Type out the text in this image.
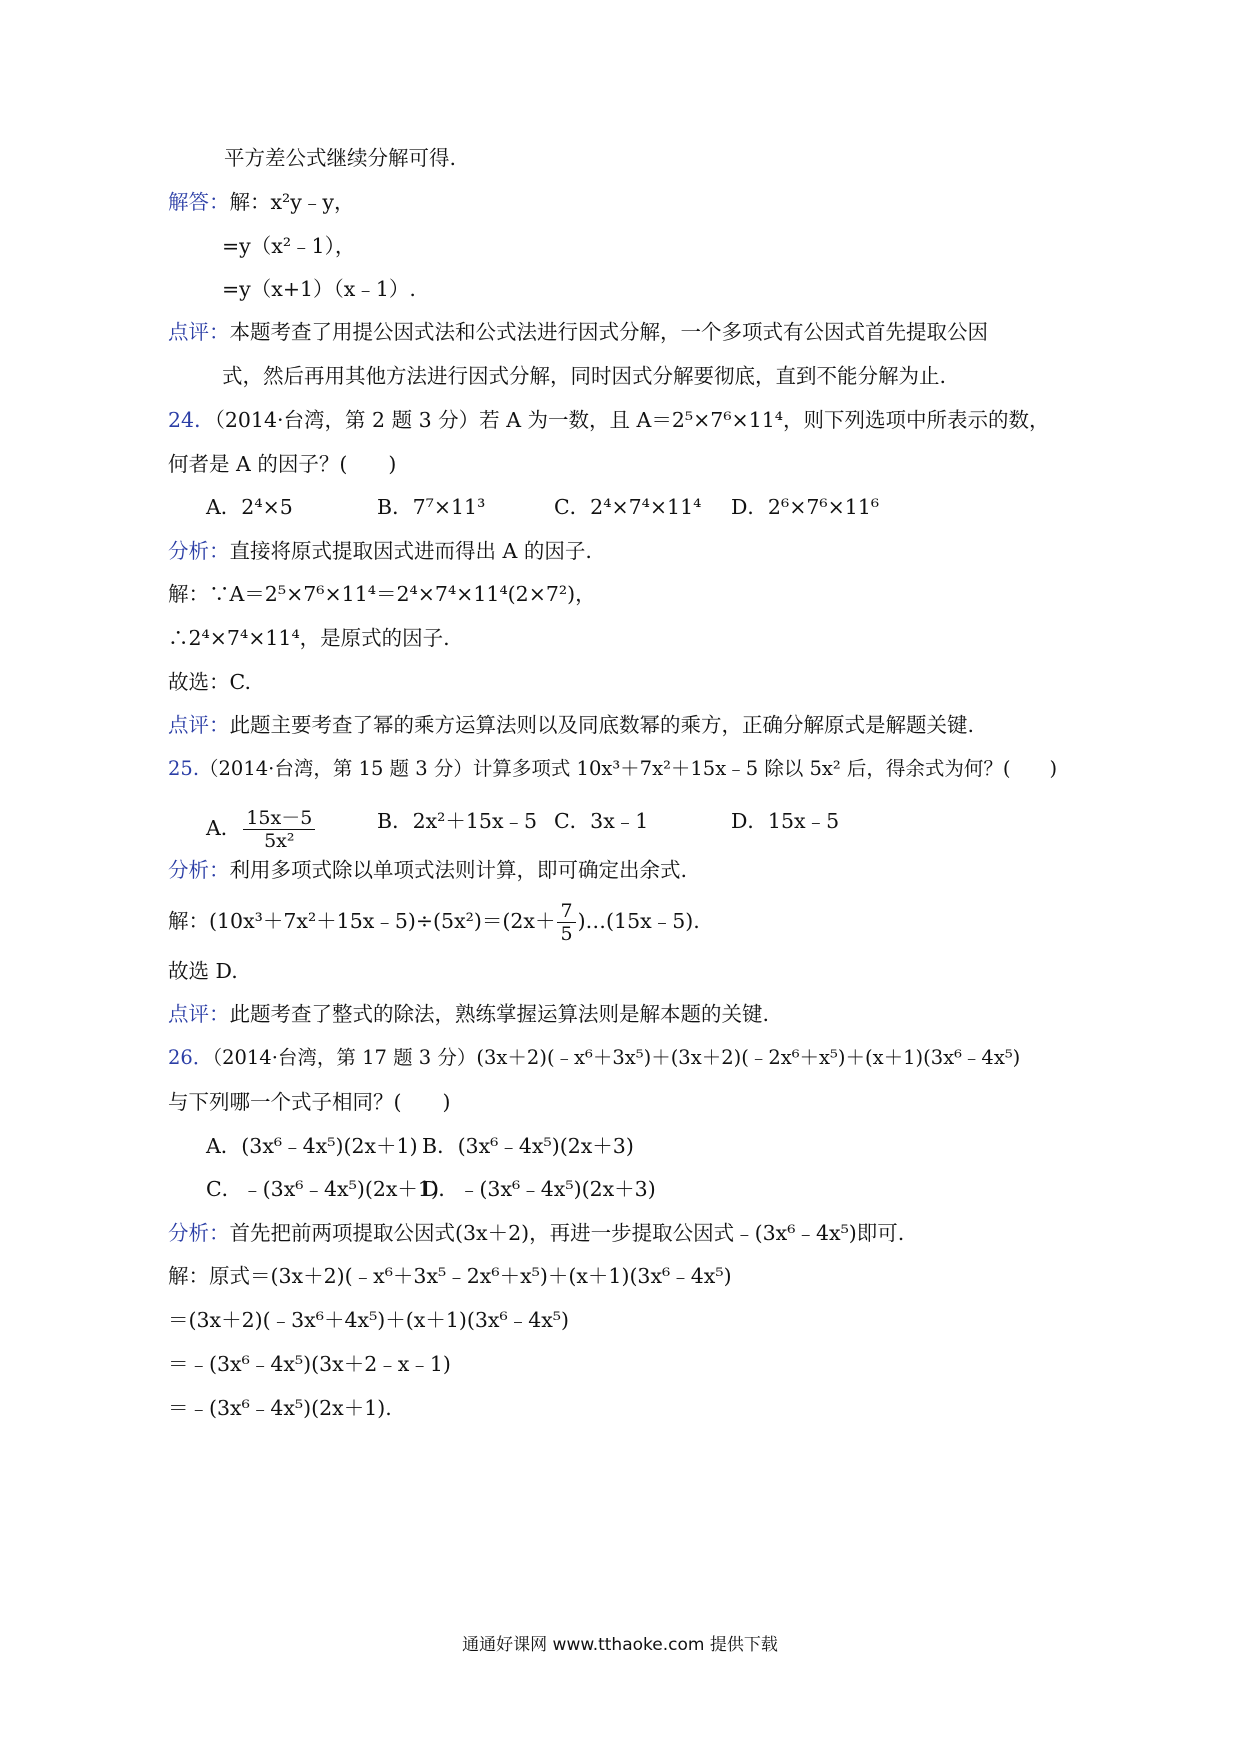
平方差公式继续分解可得.
解答：解：x²y﹣y，
=y（x²﹣1），
=y（x+1）（x﹣1）.
点评：本题考查了用提公因式法和公式法进行因式分解，一个多项式有公因式首先提取公因
式，然后再用其他方法进行因式分解，同时因式分解要彻底，直到不能分解为止.
24．（2014·台湾，第 2 题 3 分）若 A 为一数，且 A＝2⁵×7⁶×11⁴，则下列选项中所表示的数，
何者是 A 的因子？(　　)
A．2⁴×5	B．7⁷×11³	C．2⁴×7⁴×11⁴ D．2⁶×7⁶×11⁶
分析：直接将原式提取因式进而得出 A 的因子.
解：∵A＝2⁵×7⁶×11⁴＝2⁴×7⁴×11⁴(2×7²)，
∴2⁴×7⁴×11⁴，是原式的因子.
故选：C.
点评：此题主要考查了幂的乘方运算法则以及同底数幂的乘方，正确分解原式是解题关键.
25.（2014·台湾，第 15 题 3 分）计算多项式 10x³＋7x²＋15x﹣5 除以 5x² 后，得余式为何？(　　)
A． $\frac{15x-5}{\text{5x²}}$	B．2x²＋15x﹣5 C．3x﹣1	D．15x﹣5
分析：利用多项式除以单项式法则计算，即可确定出余式.
解：(10x³＋7x²＋15x﹣5)÷(5x²)＝(2x＋ $\frac{7}{5}$ )…(15x﹣5).
故选 D.
点评：此题考查了整式的除法，熟练掌握运算法则是解本题的关键.
26．（2014·台湾，第 17 题 3 分）(3x＋2)(﹣x⁶＋3x⁵)＋(3x＋2)(﹣2x⁶＋x⁵)＋(x＋1)(3x⁶﹣4x⁵)
与下列哪一个式子相同？(　　)
A．(3x⁶﹣4x⁵)(2x＋1) B．(3x⁶﹣4x⁵)(2x＋3)
C．﹣(3x⁶﹣4x⁵)(2x＋1)
D．﹣(3x⁶﹣4x⁵)(2x＋3)
分析：首先把前两项提取公因式(3x＋2)，再进一步提取公因式﹣(3x⁶﹣4x⁵)即可.
解：原式＝(3x＋2)(﹣x⁶＋3x⁵﹣2x⁶＋x⁵)＋(x＋1)(3x⁶﹣4x⁵)
＝(3x＋2)(﹣3x⁶＋4x⁵)＋(x＋1)(3x⁶﹣4x⁵)
＝﹣(3x⁶﹣4x⁵)(3x＋2﹣x﹣1)
＝﹣(3x⁶﹣4x⁵)(2x＋1).
通通好课网 www.tthaoke.com 提供下载
